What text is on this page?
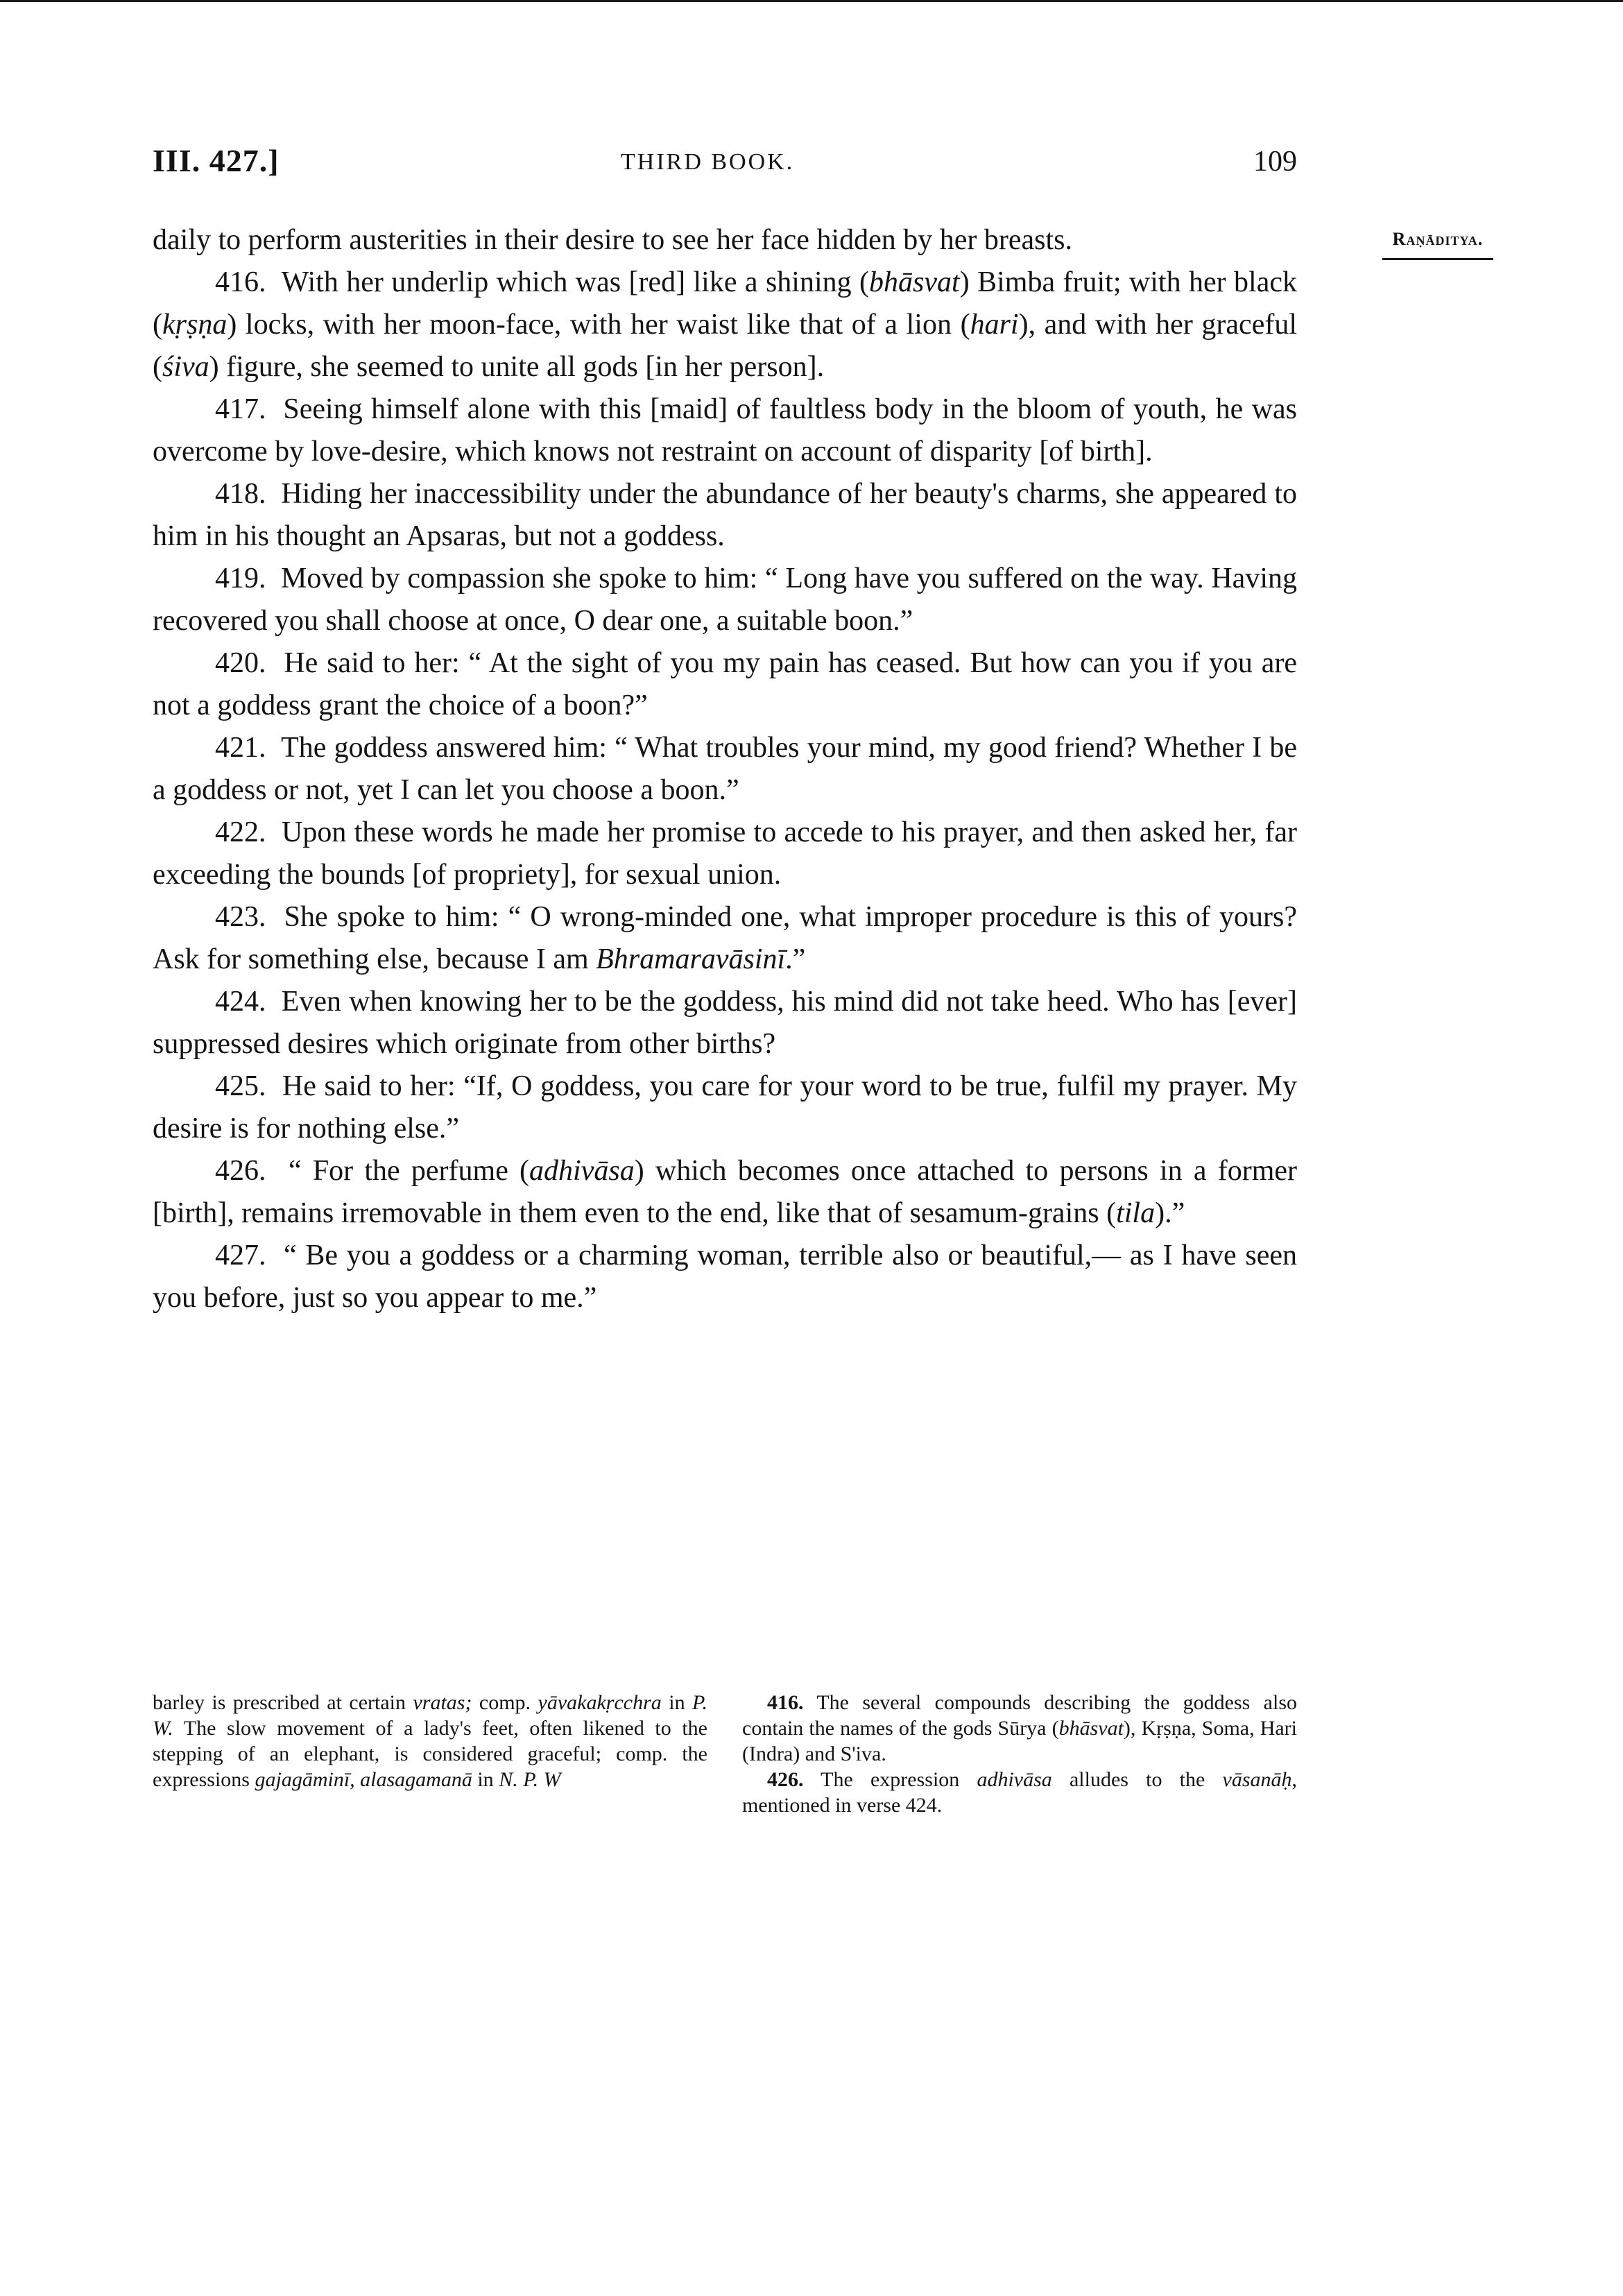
III. 427.]	THIRD BOOK.	109
Raṇāditya.

daily to perform austerities in their desire to see her face hidden by her breasts.

416. With her underlip which was [red] like a shining (bhāsvat) Bimba fruit; with her black (kṛṣṇa) locks, with her moon-face, with her waist like that of a lion (hari), and with her graceful (śiva) figure, she seemed to unite all gods [in her person].

417. Seeing himself alone with this [maid] of faultless body in the bloom of youth, he was overcome by love-desire, which knows not restraint on account of disparity [of birth].

418. Hiding her inaccessibility under the abundance of her beauty's charms, she appeared to him in his thought an Apsaras, but not a goddess.

419. Moved by compassion she spoke to him: “ Long have you suffered on the way. Having recovered you shall choose at once, O dear one, a suitable boon.”

420. He said to her: “ At the sight of you my pain has ceased. But how can you if you are not a goddess grant the choice of a boon?”

421. The goddess answered him: “ What troubles your mind, my good friend? Whether I be a goddess or not, yet I can let you choose a boon.”

422. Upon these words he made her promise to accede to his prayer, and then asked her, far exceeding the bounds [of propriety], for sexual union.

423. She spoke to him: “ O wrong-minded one, what improper procedure is this of yours? Ask for something else, because I am Bhramaravāsinī.”

424. Even when knowing her to be the goddess, his mind did not take heed. Who has [ever] suppressed desires which originate from other births?

425. He said to her: “If, O goddess, you care for your word to be true, fulfil my prayer. My desire is for nothing else.”

426. “ For the perfume (adhivāsa) which becomes once attached to persons in a former [birth], remains irremovable in them even to the end, like that of sesamum-grains (tila).”

427. “ Be you a goddess or a charming woman, terrible also or beautiful,— as I have seen you before, just so you appear to me.”

barley is prescribed at certain vratas; comp. yāvakakṛcchra in P. W. The slow movement of a lady's feet, often likened to the stepping of an elephant, is considered graceful; comp. the expressions gajagāminī, alasagamanā in N. P. W

416. The several compounds describing the goddess also contain the names of the gods Sūrya (bhāsvat), Kṛṣṇa, Soma, Hari (Indra) and S'iva.

426. The expression adhivāsa alludes to the vāsanāḥ, mentioned in verse 424.
